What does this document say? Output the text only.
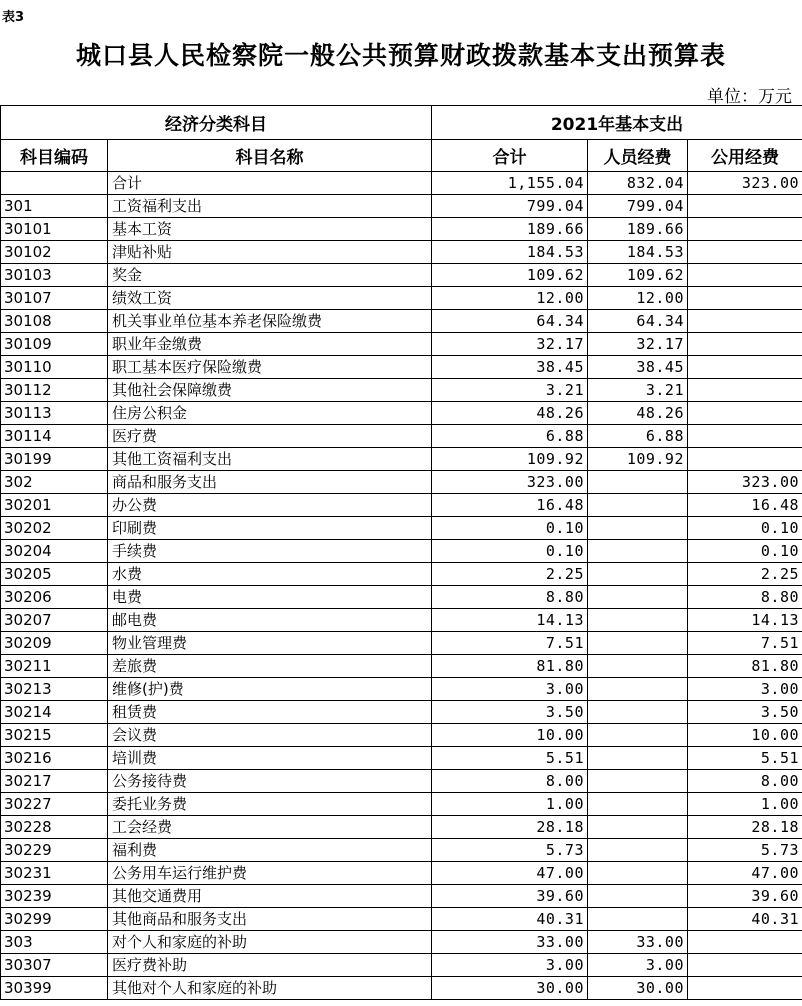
表3
城口县人民检察院一般公共预算财政拨款基本支出预算表
单位：万元
经济分类科目		2021年基本支出		
科目编码	科目名称	合计	人员经费	公用经费
	合计	1,155.04	832.04	323.00
301	工资福利支出	799.04	799.04	
30101	基本工资	189.66	189.66	
30102	津贴补贴	184.53	184.53	
30103	奖金	109.62	109.62	
30107	绩效工资	12.00	12.00	
30108	机关事业单位基本养老保险缴费	64.34	64.34	
30109	职业年金缴费	32.17	32.17	
30110	职工基本医疗保险缴费	38.45	38.45	
30112	其他社会保障缴费	3.21	3.21	
30113	住房公积金	48.26	48.26	
30114	医疗费	6.88	6.88	
30199	其他工资福利支出	109.92	109.92	
302	商品和服务支出	323.00		323.00
30201	办公费	16.48		16.48
30202	印刷费	0.10		0.10
30204	手续费	0.10		0.10
30205	水费	2.25		2.25
30206	电费	8.80		8.80
30207	邮电费	14.13		14.13
30209	物业管理费	7.51		7.51
30211	差旅费	81.80		81.80
30213	维修(护)费	3.00		3.00
30214	租赁费	3.50		3.50
30215	会议费	10.00		10.00
30216	培训费	5.51		5.51
30217	公务接待费	8.00		8.00
30227	委托业务费	1.00		1.00
30228	工会经费	28.18		28.18
30229	福利费	5.73		5.73
30231	公务用车运行维护费	47.00		47.00
30239	其他交通费用	39.60		39.60
30299	其他商品和服务支出	40.31		40.31
303	对个人和家庭的补助	33.00	33.00	
30307	医疗费补助	3.00	3.00	
30399	其他对个人和家庭的补助	30.00	30.00	
